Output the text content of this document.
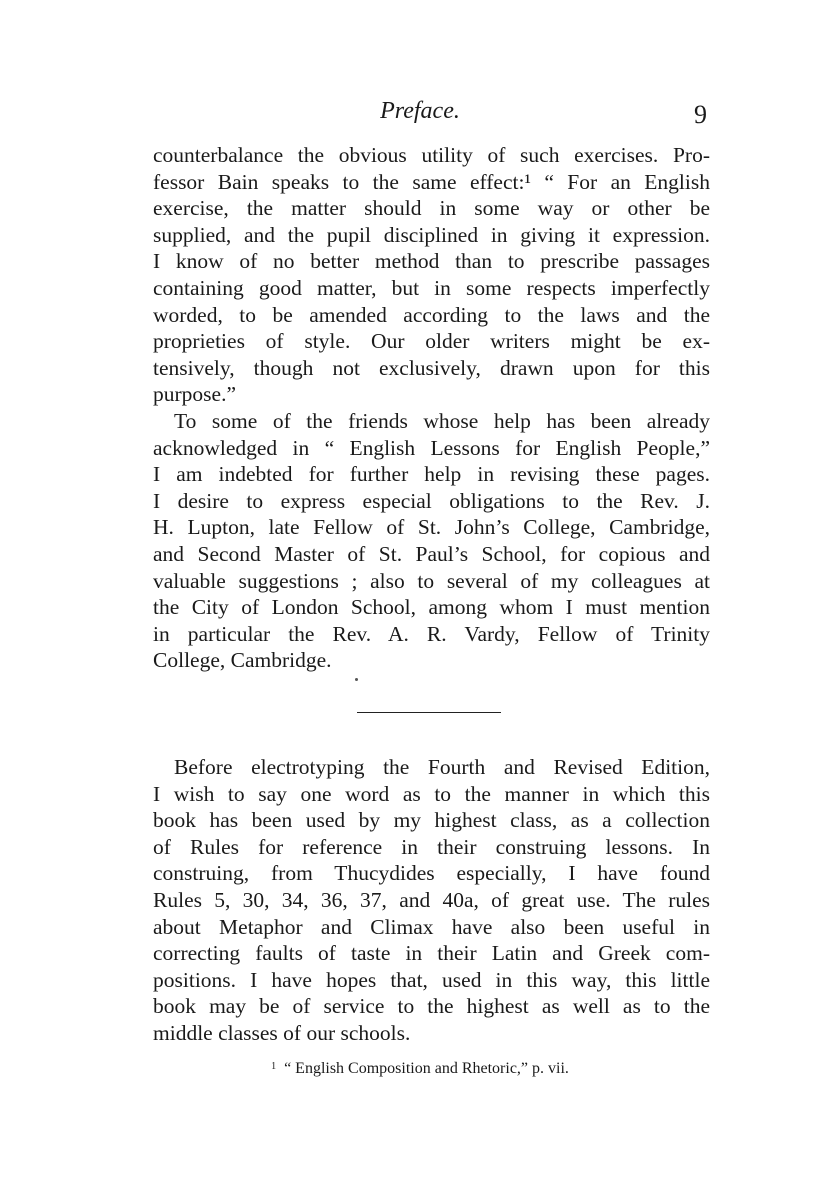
Preface.	9
counterbalance the obvious utility of such exercises. Pro-
fessor Bain speaks to the same effect:¹ “ For an English
exercise, the matter should in some way or other be
supplied, and the pupil disciplined in giving it expression.
I know of no better method than to prescribe passages
containing good matter, but in some respects imperfectly
worded, to be amended according to the laws and the
proprieties of style. Our older writers might be ex-
tensively, though not exclusively, drawn upon for this
purpose.”
To some of the friends whose help has been already
acknowledged in “ English Lessons for English People,”
I am indebted for further help in revising these pages.
I desire to express especial obligations to the Rev. J.
H. Lupton, late Fellow of St. John’s College, Cambridge,
and Second Master of St. Paul’s School, for copious and
valuable suggestions ; also to several of my colleagues at
the City of London School, among whom I must mention
in particular the Rev. A. R. Vardy, Fellow of Trinity
College, Cambridge.
Before electrotyping the Fourth and Revised Edition,
I wish to say one word as to the manner in which this
book has been used by my highest class, as a collection
of Rules for reference in their construing lessons. In
construing, from Thucydides especially, I have found
Rules 5, 30, 34, 36, 37, and 40a, of great use. The rules
about Metaphor and Climax have also been useful in
correcting faults of taste in their Latin and Greek com-
positions. I have hopes that, used in this way, this little
book may be of service to the highest as well as to the
middle classes of our schools.
$^1$ “ English Composition and Rhetoric,” p. vii.
